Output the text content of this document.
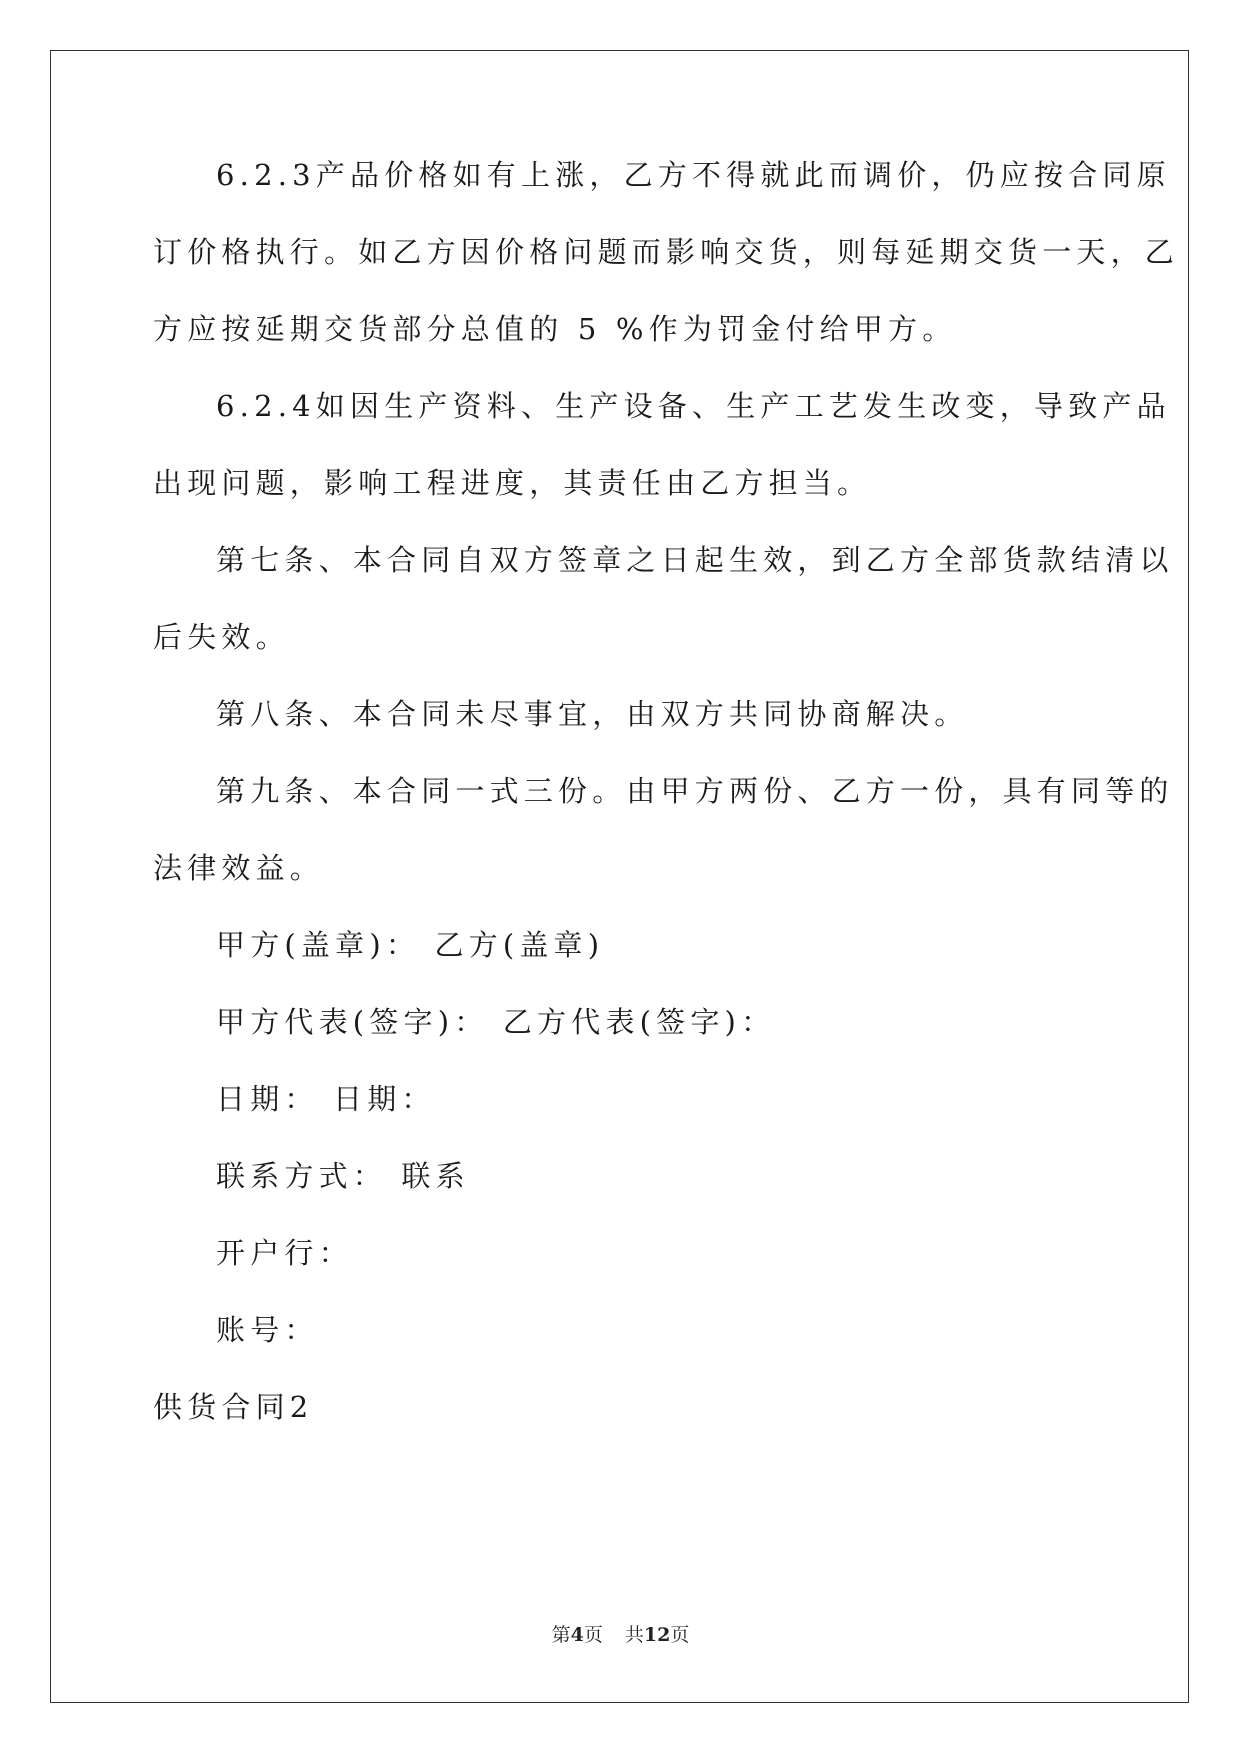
6.2.3产品价格如有上涨，乙方不得就此而调价，仍应按合同原
订价格执行。如乙方因价格问题而影响交货，则每延期交货一天，乙
方应按延期交货部分总值的 5 %作为罚金付给甲方。
6.2.4如因生产资料、生产设备、生产工艺发生改变，导致产品
出现问题，影响工程进度，其责任由乙方担当。
第七条、本合同自双方签章之日起生效，到乙方全部货款结清以
后失效。
第八条、本合同未尽事宜，由双方共同协商解决。
第九条、本合同一式三份。由甲方两份、乙方一份，具有同等的
法律效益。
甲方(盖章)： 乙方(盖章)
甲方代表(签字)： 乙方代表(签字)：
日期： 日期：
联系方式： 联系
开户行：
账号：
供货合同2
第4页 共12页
